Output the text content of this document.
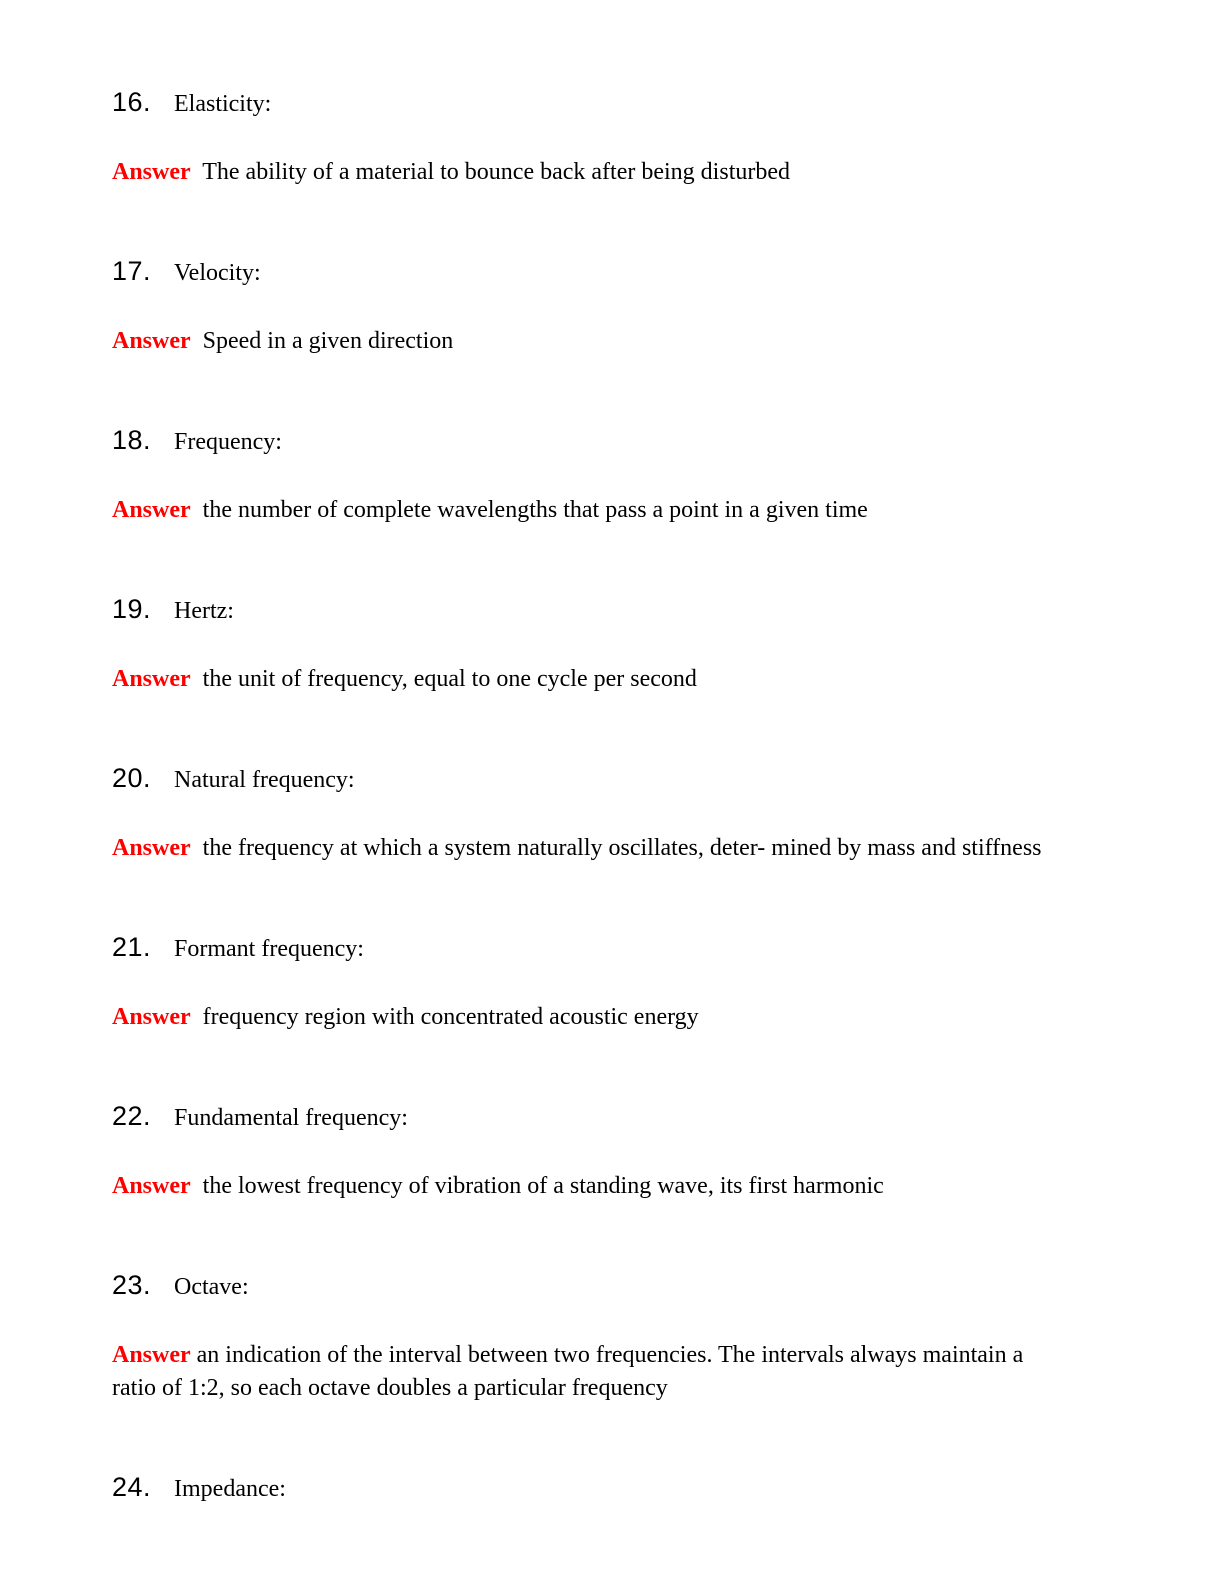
16. Elasticity:

Answer  The ability of a material to bounce back after being disturbed

17. Velocity:

Answer  Speed in a given direction

18. Frequency:

Answer  the number of complete wavelengths that pass a point in a given time

19. Hertz:

Answer  the unit of frequency, equal to one cycle per second

20. Natural frequency:

Answer  the frequency at which a system naturally oscillates, deter- mined by mass and stiffness

21. Formant frequency:

Answer  frequency region with concentrated acoustic energy

22. Fundamental frequency:

Answer  the lowest frequency of vibration of a standing wave, its first harmonic

23. Octave:

Answer an indication of the interval between two frequencies. The intervals always maintain a ratio of 1:2, so each octave doubles a particular frequency

24. Impedance:
